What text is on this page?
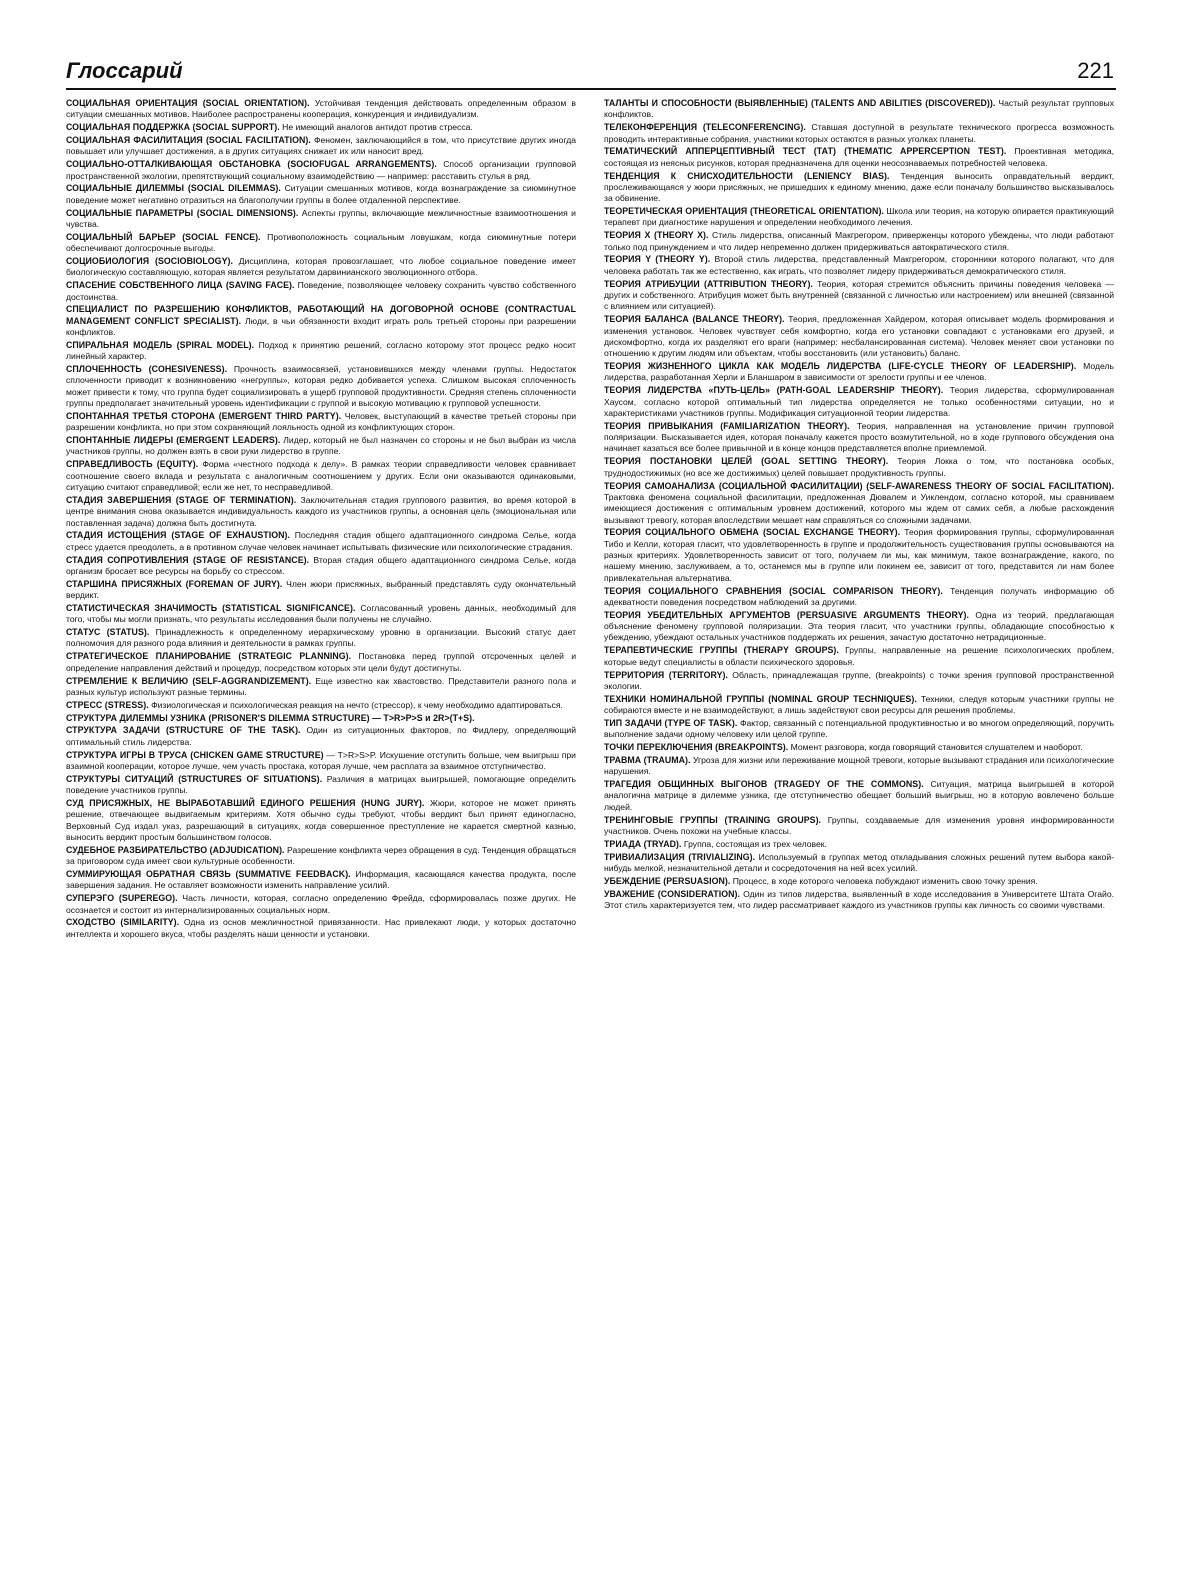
Глоссарий	221

СОЦИАЛЬНАЯ ОРИЕНТАЦИЯ (SOCIAL ORIENTATION). Устойчивая тенденция действовать определенным образом в ситуации смешанных мотивов. Наиболее распространены кооперация, конкуренция и индивидуализм.

СОЦИАЛЬНАЯ ПОДДЕРЖКА (SOCIAL SUPPORT). Не имеющий аналогов антидот против стресса.

СОЦИАЛЬНАЯ ФАСИЛИТАЦИЯ (SOCIAL FACILITATION). Феномен, заключающийся в том, что присутствие других иногда повышает или улучшает достижения, а в других ситуациях снижает их или наносит вред.

СОЦИАЛЬНО-ОТТАЛКИВАЮЩАЯ ОБСТАНОВКА (SOCIOFUGAL ARRANGEMENTS). Способ организации групповой пространственной экологии, препятствующий социальному взаимодействию — например: расставить стулья в ряд.

СОЦИАЛЬНЫЕ ДИЛЕММЫ (SOCIAL DILEMMAS). Ситуации смешанных мотивов, когда вознаграждение за сиюминутное поведение может негативно отразиться на благополучии группы в более отдаленной перспективе.

СОЦИАЛЬНЫЕ ПАРАМЕТРЫ (SOCIAL DIMENSIONS). Аспекты группы, включающие межличностные взаимоотношения и чувства.

СОЦИАЛЬНЫЙ БАРЬЕР (SOCIAL FENCE). Противоположность социальным ловушкам, когда сиюминутные потери обеспечивают долгосрочные выгоды.

СОЦИОБИОЛОГИЯ (SOCIOBIOLOGY). Дисциплина, которая провозглашает, что любое социальное поведение имеет биологическую составляющую, которая является результатом дарвинианского эволюционного отбора.

СПАСЕНИЕ СОБСТВЕННОГО ЛИЦА (SAVING FACE). Поведение, позволяющее человеку сохранить чувство собственного достоинства.

СПЕЦИАЛИСТ ПО РАЗРЕШЕНИЮ КОНФЛИКТОВ, РАБОТАЮЩИЙ НА ДОГОВОРНОЙ ОСНОВЕ (CONTRACTUAL MANAGEMENT CONFLICT SPECIALIST). Люди, в чьи обязанности входит играть роль третьей стороны при разрешении конфликтов.

СПИРАЛЬНАЯ МОДЕЛЬ (SPIRAL MODEL). Подход к принятию решений, согласно которому этот процесс редко носит линейный характер.

СПЛОЧЕННОСТЬ (COHESIVENESS). Прочность взаимосвязей, установившихся между членами группы. Недостаток сплоченности приводит к возникновению «негруппы», которая редко добивается успеха. Слишком высокая сплоченность может привести к тому, что группа будет социализировать в ущерб групповой продуктивности. Средняя степень сплоченности группы предполагает значительный уровень идентификации с группой и высокую мотивацию к групповой успешности.

СПОНТАННАЯ ТРЕТЬЯ СТОРОНА (EMERGENT THIRD PARTY). Человек, выступающий в качестве третьей стороны при разрешении конфликта, но при этом сохраняющий лояльность одной из конфликтующих сторон.

СПОНТАННЫЕ ЛИДЕРЫ (EMERGENT LEADERS). Лидер, который не был назначен со стороны и не был выбран из числа участников группы, но должен взять в свои руки лидерство в группе.

СПРАВЕДЛИВОСТЬ (EQUITY). Форма «честного подхода к делу». В рамках теории справедливости человек сравнивает соотношение своего вклада и результата с аналогичным соотношением у других. Если они оказываются одинаковыми, ситуацию считают справедливой; если же нет, то несправедливой.

СТАДИЯ ЗАВЕРШЕНИЯ (STAGE OF TERMINATION). Заключительная стадия группового развития, во время которой в центре внимания снова оказывается индивидуальность каждого из участников группы, а основная цель (эмоциональная или поставленная задача) должна быть достигнута.

СТАДИЯ ИСТОЩЕНИЯ (STAGE OF EXHAUSTION). Последняя стадия общего адаптационного синдрома Селье, когда стресс удается преодолеть, а в противном случае человек начинает испытывать физические или психологические страдания.

СТАДИЯ СОПРОТИВЛЕНИЯ (STAGE OF RESISTANCE). Вторая стадия общего адаптационного синдрома Селье, когда организм бросает все ресурсы на борьбу со стрессом.

СТАРШИНА ПРИСЯЖНЫХ (FOREMAN OF JURY). Член жюри присяжных, выбранный представлять суду окончательный вердикт.

СТАТИСТИЧЕСКАЯ ЗНАЧИМОСТЬ (STATISTICAL SIGNIFICANCE). Согласованный уровень данных, необходимый для того, чтобы мы могли признать, что результаты исследования были получены не случайно.

СТАТУС (STATUS). Принадлежность к определенному иерархическому уровню в организации. Высокий статус дает полномочия для разного рода влияния и деятельности в рамках группы.

СТРАТЕГИЧЕСКОЕ ПЛАНИРОВАНИЕ (STRATEGIC PLANNING). Постановка перед группой отсроченных целей и определение направления действий и процедур, посредством которых эти цели будут достигнуты.

СТРЕМЛЕНИЕ К ВЕЛИЧИЮ (SELF-AGGRANDIZEMENT). Еще известно как хвастовство. Представители разного пола и разных культур используют разные термины.

СТРЕСС (STRESS). Физиологическая и психологическая реакция на нечто (стрессор), к чему необходимо адаптироваться.

СТРУКТУРА ДИЛЕММЫ УЗНИКА (PRISONER'S DILEMMA STRUCTURE) — T>R>P>S и 2R>(T+S).

СТРУКТУРА ЗАДАЧИ (STRUCTURE OF THE TASK). Один из ситуационных факторов, по Фидлеру, определяющий оптимальный стиль лидерства.

СТРУКТУРА ИГРЫ В ТРУСА (CHICKEN GAME STRUCTURE) — T>R>S>P. Искушение отступить больше, чем выигрыш при взаимной кооперации, которое лучше, чем участь простака, которая лучше, чем расплата за взаимное отступничество.

СТРУКТУРЫ СИТУАЦИЙ (STRUCTURES OF SITUATIONS). Различия в матрицах выигрышей, помогающие определить поведение участников группы.

СУД ПРИСЯЖНЫХ, НЕ ВЫРАБОТАВШИЙ ЕДИНОГО РЕШЕНИЯ (HUNG JURY). Жюри, которое не может принять решение, отвечающее выдвигаемым критериям. Хотя обычно суды требуют, чтобы вердикт был принят единогласно, Верховный Суд издал указ, разрешающий в ситуациях, когда совершенное преступление не карается смертной казнью, выносить вердикт простым большинством голосов.

СУДЕБНОЕ РАЗБИРАТЕЛЬСТВО (ADJUDICATION). Разрешение конфликта через обращения в суд. Тенденция обращаться за приговором суда имеет свои культурные особенности.

СУММИРУЮЩАЯ ОБРАТНАЯ СВЯЗЬ (SUMMATIVE FEEDBACK). Информация, касающаяся качества продукта, после завершения задания. Не оставляет возможности изменить направление усилий.

СУПЕРЭГО (SUPEREGO). Часть личности, которая, согласно определению Фрейда, сформировалась позже других. Не осознается и состоит из интернализированных социальных норм.

СХОДСТВО (SIMILARITY). Одна из основ межличностной привязанности. Нас привлекают люди, у которых достаточно интеллекта и хорошего вкуса, чтобы разделять наши ценности и установки.

ТАЛАНТЫ И СПОСОБНОСТИ (ВЫЯВЛЕННЫЕ) (TALENTS AND ABILITIES (DISCOVERED)). Частый результат групповых конфликтов.

ТЕЛЕКОНФЕРЕНЦИЯ (TELECONFERENCING). Ставшая доступной в результате технического прогресса возможность проводить интерактивные собрания, участники которых остаются в разных уголках планеты.

ТЕМАТИЧЕСКИЙ АППЕРЦЕПТИВНЫЙ ТЕСТ (ТАТ) (THEMATIC APPERCEPTION TEST). Проективная методика, состоящая из неясных рисунков, которая предназначена для оценки неосознаваемых потребностей человека.

ТЕНДЕНЦИЯ К СНИСХОДИТЕЛЬНОСТИ (LENIENCY BIAS). Тенденция выносить оправдательный вердикт, прослеживающаяся у жюри присяжных, не пришедших к единому мнению, даже если поначалу большинство высказывалось за обвинение.

ТЕОРЕТИЧЕСКАЯ ОРИЕНТАЦИЯ (THEORETICAL ORIENTATION). Школа или теория, на которую опирается практикующий терапевт при диагностике нарушения и определении необходимого лечения.

ТЕОРИЯ X (THEORY X). Стиль лидерства, описанный Макгрегором, приверженцы которого убеждены, что люди работают только под принуждением и что лидер непременно должен придерживаться автократического стиля.

ТЕОРИЯ Y (THEORY Y). Второй стиль лидерства, представленный Макгрегором, сторонники которого полагают, что для человека работать так же естественно, как играть, что позволяет лидеру придерживаться демократического стиля.

ТЕОРИЯ АТРИБУЦИИ (ATTRIBUTION THEORY). Теория, которая стремится объяснить причины поведения человека — других и собственного. Атрибуция может быть внутренней (связанной с личностью или настроением) или внешней (связанной с влиянием или ситуацией).

ТЕОРИЯ БАЛАНСА (BALANCE THEORY). Теория, предложенная Хайдером, которая описывает модель формирования и изменения установок. Человек чувствует себя комфортно, когда его установки совпадают с установками его друзей, и дискомфортно, когда их разделяют его враги (например: несбалансированная система). Человек меняет свои установки по отношению к другим людям или объектам, чтобы восстановить (или установить) баланс.

ТЕОРИЯ ЖИЗНЕННОГО ЦИКЛА КАК МОДЕЛЬ ЛИДЕРСТВА (LIFE-CYCLE THEORY OF LEADERSHIP). Модель лидерства, разработанная Херли и Бланшаром в зависимости от зрелости группы и ее членов.

ТЕОРИЯ ЛИДЕРСТВА «ПУТЬ-ЦЕЛЬ» (PATH-GOAL LEADERSHIP THEORY). Теория лидерства, сформулированная Хаусом, согласно которой оптимальный тип лидерства определяется не только особенностями ситуации, но и характеристиками участников группы. Модификация ситуационной теории лидерства.

ТЕОРИЯ ПРИВЫКАНИЯ (FAMILIARIZATION THEORY). Теория, направленная на установление причин групповой поляризации. Высказывается идея, которая поначалу кажется просто возмутительной, но в ходе группового обсуждения она начинает казаться все более привычной и в конце концов представляется вполне приемлемой.

ТЕОРИЯ ПОСТАНОВКИ ЦЕЛЕЙ (GOAL SETTING THEORY). Теория Локка о том, что постановка особых, труднодостижимых (но все же достижимых) целей повышает продуктивность группы.

ТЕОРИЯ САМОАНАЛИЗА (СОЦИАЛЬНОЙ ФАСИЛИТАЦИИ) (SELF-AWARENESS THEORY OF SOCIAL FACILITATION). Трактовка феномена социальной фасилитации, предложенная Дювалем и Уиклендом, согласно которой, мы сравниваем имеющиеся достижения с оптимальным уровнем достижений, которого мы ждем от самих себя, а любые расхождения вызывают тревогу, которая впоследствии мешает нам справляться со сложными задачами.

ТЕОРИЯ СОЦИАЛЬНОГО ОБМЕНА (SOCIAL EXCHANGE THEORY). Теория формирования группы, сформулированная Тибо и Келли, которая гласит, что удовлетворенность в группе и продолжительность существования группы основываются на разных критериях. Удовлетворенность зависит от того, получаем ли мы, как минимум, такое вознаграждение, какого, по нашему мнению, заслуживаем, а то, останемся мы в группе или покинем ее, зависит от того, представится ли нам более привлекательная альтернатива.

ТЕОРИЯ СОЦИАЛЬНОГО СРАВНЕНИЯ (SOCIAL COMPARISON THEORY). Тенденция получать информацию об адекватности поведения посредством наблюдений за другими.

ТЕОРИЯ УБЕДИТЕЛЬНЫХ АРГУМЕНТОВ (PERSUASIVE ARGUMENTS THEORY). Одна из теорий, предлагающая объяснение феномену групповой поляризации. Эта теория гласит, что участники группы, обладающие способностью к убеждению, убеждают остальных участников поддержать их решения, зачастую достаточно нетрадиционные.

ТЕРАПЕВТИЧЕСКИЕ ГРУППЫ (THERAPY GROUPS). Группы, направленные на решение психологических проблем, которые ведут специалисты в области психического здоровья.

ТЕРРИТОРИЯ (TERRITORY). Область, принадлежащая группе, (breakpoints) с точки зрения групповой пространственной экологии.

ТЕХНИКИ НОМИНАЛЬНОЙ ГРУППЫ (NOMINAL GROUP TECHNIQUES). Техники, следуя которым участники группы не собираются вместе и не взаимодействуют, а лишь задействуют свои ресурсы для решения проблемы.

ТИП ЗАДАЧИ (TYPE OF TASK). Фактор, связанный с потенциальной продуктивностью и во многом определяющий, поручить выполнение задачи одному человеку или целой группе.

ТОЧКИ ПЕРЕКЛЮЧЕНИЯ (BREAKPOINTS). Момент разговора, когда говорящий становится слушателем и наоборот.

ТРАВМА (TRAUMA). Угроза для жизни или переживание мощной тревоги, которые вызывают страдания или психологические нарушения.

ТРАГЕДИЯ ОБЩИННЫХ ВЫГОНОВ (TRAGEDY OF THE COMMONS). Ситуация, матрица выигрышей в которой аналогична матрице в дилемме узника, где отступничество обещает больший выигрыш, но в которую вовлечено больше людей.

ТРЕНИНГОВЫЕ ГРУППЫ (TRAINING GROUPS). Группы, создаваемые для изменения уровня информированности участников. Очень похожи на учебные классы.

ТРИАДА (TRYAD). Группа, состоящая из трех человек.

ТРИВИАЛИЗАЦИЯ (TRIVIALIZING). Используемый в группах метод откладывания сложных решений путем выбора какой-нибудь мелкой, незначительной детали и сосредоточения на ней всех усилий.

УБЕЖДЕНИЕ (PERSUASION). Процесс, в ходе которого человека побуждают изменить свою точку зрения.

УВАЖЕНИЕ (CONSIDERATION). Один из типов лидерства, выявленный в ходе исследования в Университете Штата Огайо. Этот стиль характеризуется тем, что лидер рассматривает каждого из участников группы как личность со своими чувствами.
